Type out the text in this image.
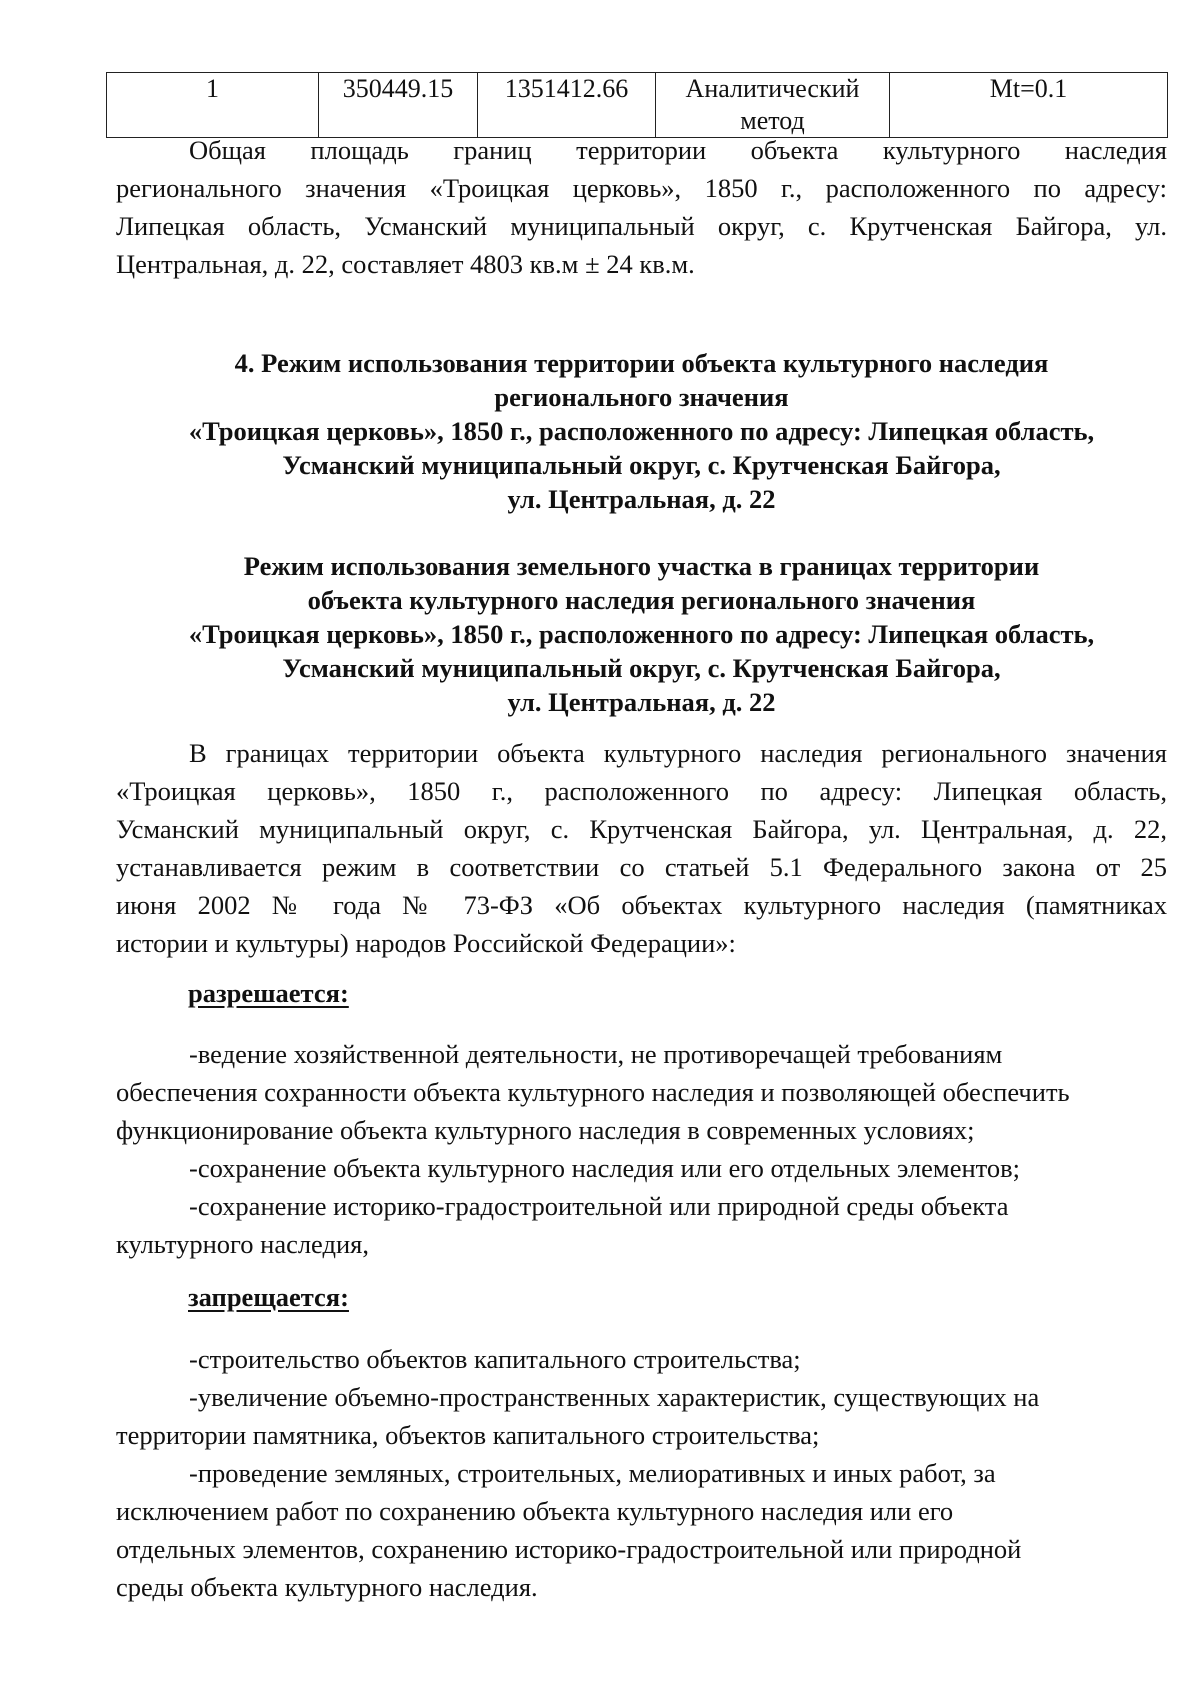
1	350449.15	1351412.66	Аналитический метод	Mt=0.1
Общая площадь границ территории объекта культурного наследия
регионального значения «Троицкая церковь», 1850 г., расположенного по адресу:
Липецкая область, Усманский муниципальный округ, с. Крутченская Байгора, ул.
Центральная, д. 22, составляет 4803 кв.м ± 24 кв.м.
4. Режим использования территории объекта культурного наследия
регионального значения
«Троицкая церковь», 1850 г., расположенного по адресу: Липецкая область,
Усманский муниципальный округ, с. Крутченская Байгора,
ул. Центральная, д. 22
Режим использования земельного участка в границах территории
объекта культурного наследия регионального значения
«Троицкая церковь», 1850 г., расположенного по адресу: Липецкая область,
Усманский муниципальный округ, с. Крутченская Байгора,
ул. Центральная, д. 22
В границах территории объекта культурного наследия регионального значения
«Троицкая церковь», 1850 г., расположенного по адресу: Липецкая область,
Усманский муниципальный округ, с. Крутченская Байгора, ул. Центральная, д. 22,
устанавливается режим в соответствии со статьей 5.1 Федерального закона от 25
июня 2002 № года № 73-ФЗ «Об объектах культурного наследия (памятниках
истории и культуры) народов Российской Федерации»:
разрешается:
-ведение хозяйственной деятельности, не противоречащей требованиям
обеспечения сохранности объекта культурного наследия и позволяющей обеспечить
функционирование объекта культурного наследия в современных условиях;
-сохранение объекта культурного наследия или его отдельных элементов;
-сохранение историко-градостроительной или природной среды объекта
культурного наследия,
запрещается:
-строительство объектов капитального строительства;
-увеличение объемно-пространственных характеристик, существующих на
территории памятника, объектов капитального строительства;
-проведение земляных, строительных, мелиоративных и иных работ, за
исключением работ по сохранению объекта культурного наследия или его
отдельных элементов, сохранению историко-градостроительной или природной
среды объекта культурного наследия.
